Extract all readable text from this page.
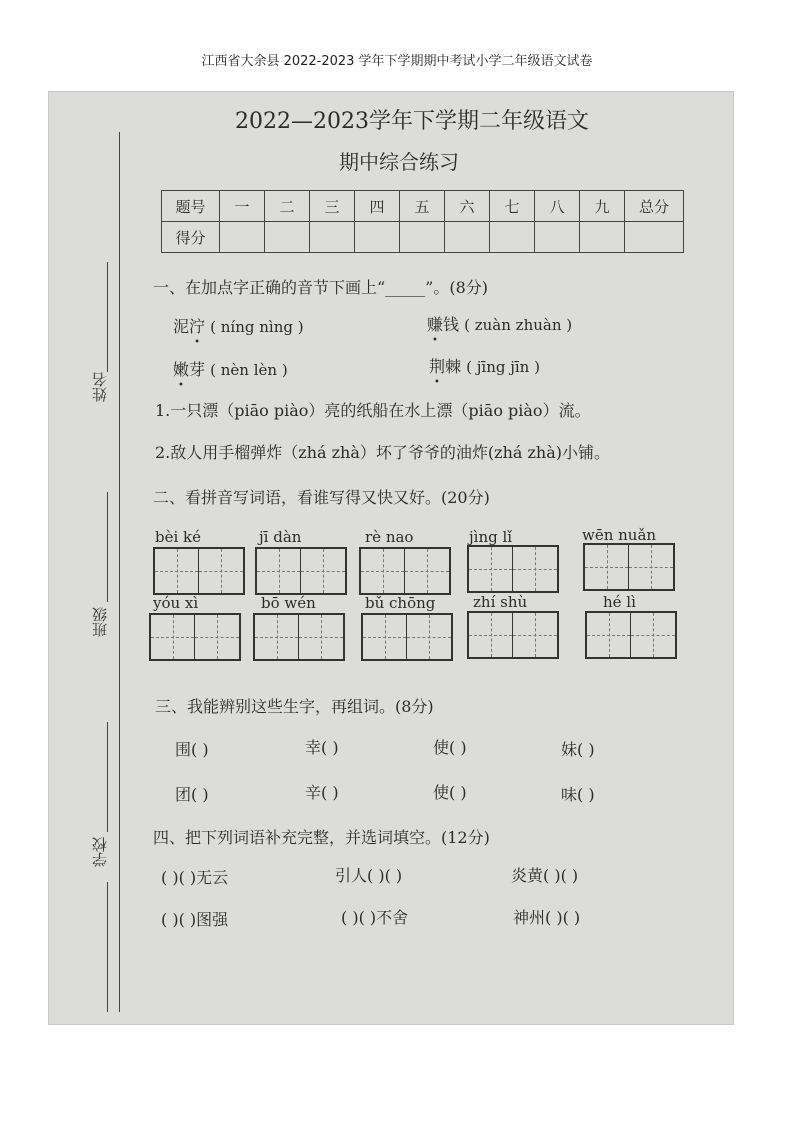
江西省大余县 2022-2023 学年下学期期中考试小学二年级语文试卷
姓名
班级
学校
2022—2023学年下学期二年级语文
期中综合练习
题号	一	二	三	四	五	六	七	八	九	总分
得分										
一、在加点字正确的音节下画上“_____”。(8分)
泥泞 ( níng nìng )	赚钱 ( zuàn zhuàn )
嫩芽 ( nèn lèn )	荆棘 ( jīng jīn )
1.一只漂（piāo piào）亮的纸船在水上漂（piāo piào）流。
2.敌人用手榴弹炸（zhá zhà）坏了爷爷的油炸(zhá zhà)小铺。
二、看拼音写词语，看谁写得又快又好。(20分)
bèi ké	jī dàn	rè nao	jìng lǐ	wēn nuǎn
yóu xì	bō wén	bǔ chōng	zhí shù	hé lì
三、我能辨别这些生字，再组词。(8分)
围( )	幸( )	使( )	妹( )
团( )	辛( )	使( )	味( )
四、把下列词语补充完整，并选词填空。(12分)
( )( )无云	引人( )( )	炎黄( )( )
( )( )图强	( )( )不舍	神州( )( )
